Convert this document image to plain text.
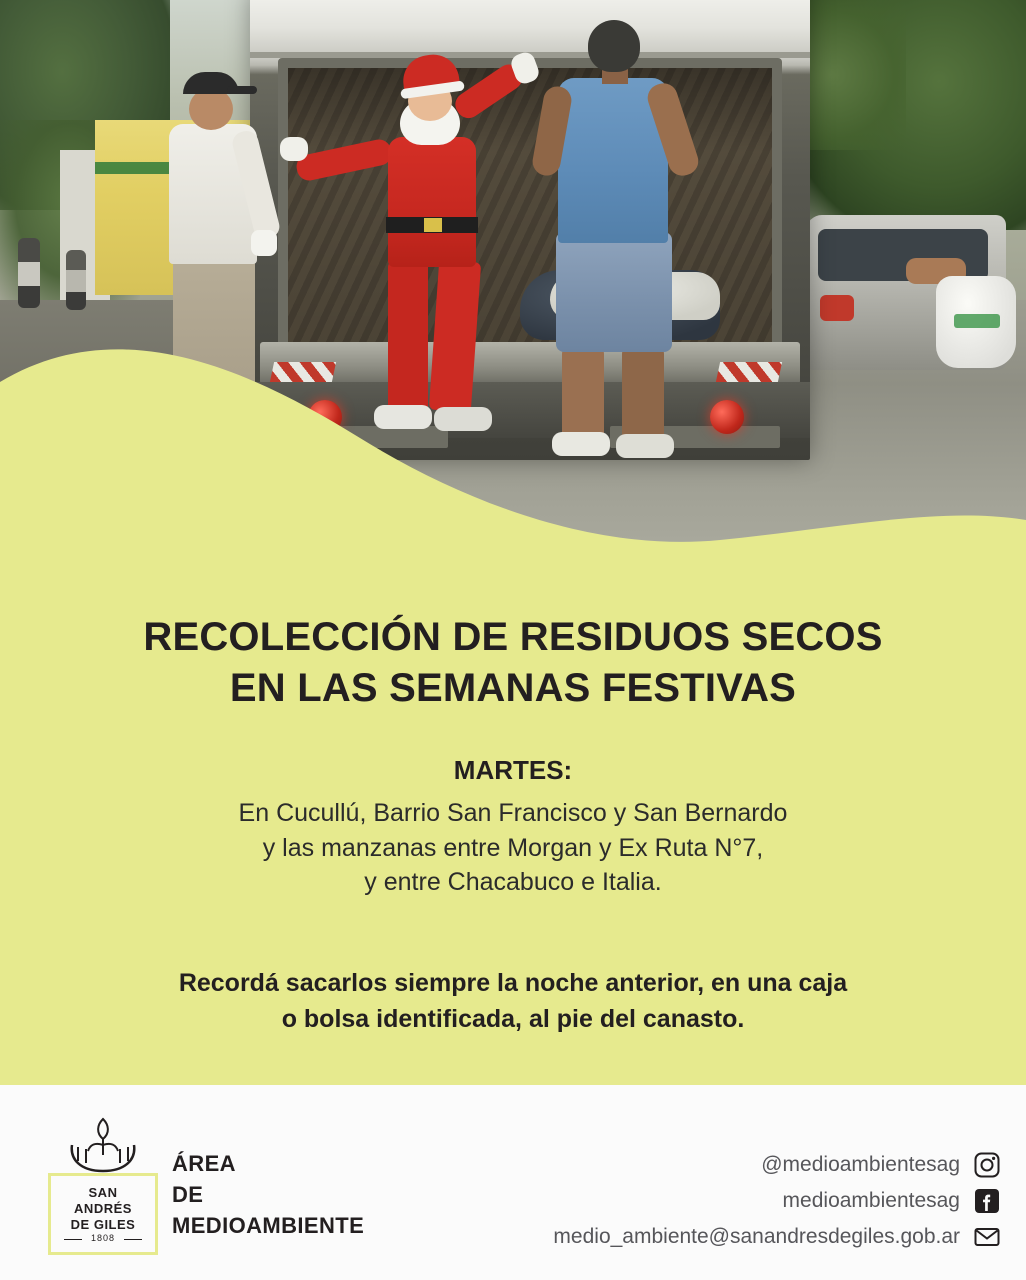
RECOLECCIÓN DE RESIDUOS SECOS
EN LAS SEMANAS FESTIVAS
MARTES:
En Cucullú, Barrio San Francisco y San Bernardo
y las manzanas entre Morgan y Ex Ruta N°7,
y entre Chacabuco e Italia.
Recordá sacarlos siempre la noche anterior, en una caja
o bolsa identificada, al pie del canasto.
SAN
ANDRÉS
DE GILES
1808
ÁREA
DE
MEDIOAMBIENTE
@medioambientesag
medioambientesag
medio_ambiente@sanandresdegiles.gob.ar
